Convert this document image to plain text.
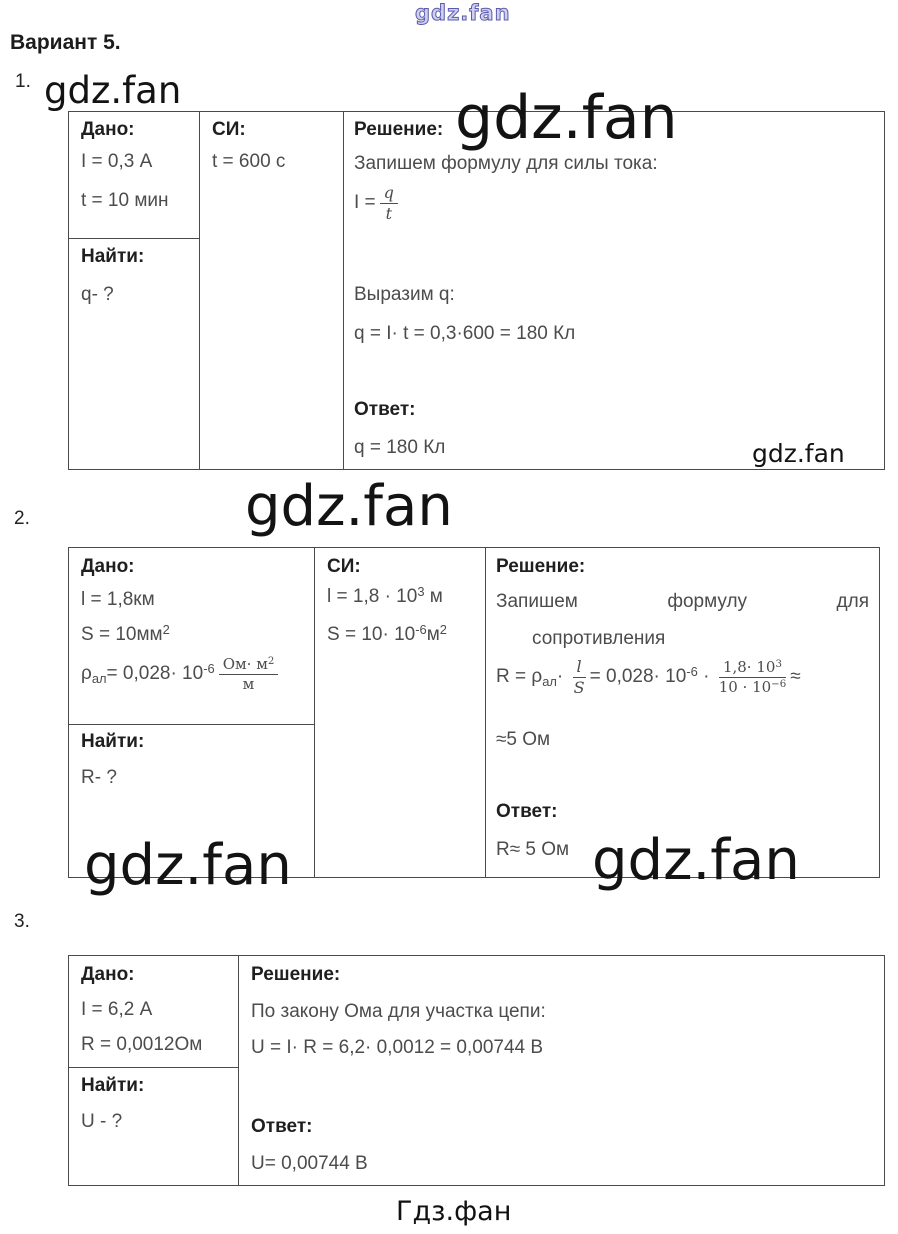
gdz.fan
Вариант 5.
1. gdz.fan	gdz.fan
Дано:
I = 0,3 А
t = 10 мин
Найти:
q- ?
СИ:
t = 600 с
Решение:
Запишем формулу для силы тока:
$I = \frac{q}{t}$
Выразим q:
q = I· t = 0,3·600 = 180 Кл
Ответ:
q = 180 Кл	gdz.fan
2.	gdz.fan
Дано:
l = 1,8км
$S = 10мм^2$
$\rho_{ал}= 0,028\cdot 10^{-6} \frac{Ом\cdot м^2}{м}$
Найти:
R- ?
СИ:
$l = 1,8 \cdot 10^3$ м
$S = 10\cdot 10^{-6}м^2$
Решение:
Запишем формулу для
сопротивления
$R = \rho_{ал}\cdot \frac{l}{S} = 0,028\cdot 10^{-6} \cdot \frac{1,8\cdot 10^3}{10 \cdot 10^{-6}}$ ≈
≈5 Ом
Ответ:
R≈ 5 Ом
gdz.fan	gdz.fan
3.
Дано:
I = 6,2 А
R = 0,0012Ом
Найти:
U - ?
Решение:
По закону Ома для участка цепи:
U = I· R = 6,2· 0,0012 = 0,00744 В
Ответ:
U= 0,00744 В
Гдз.фан
